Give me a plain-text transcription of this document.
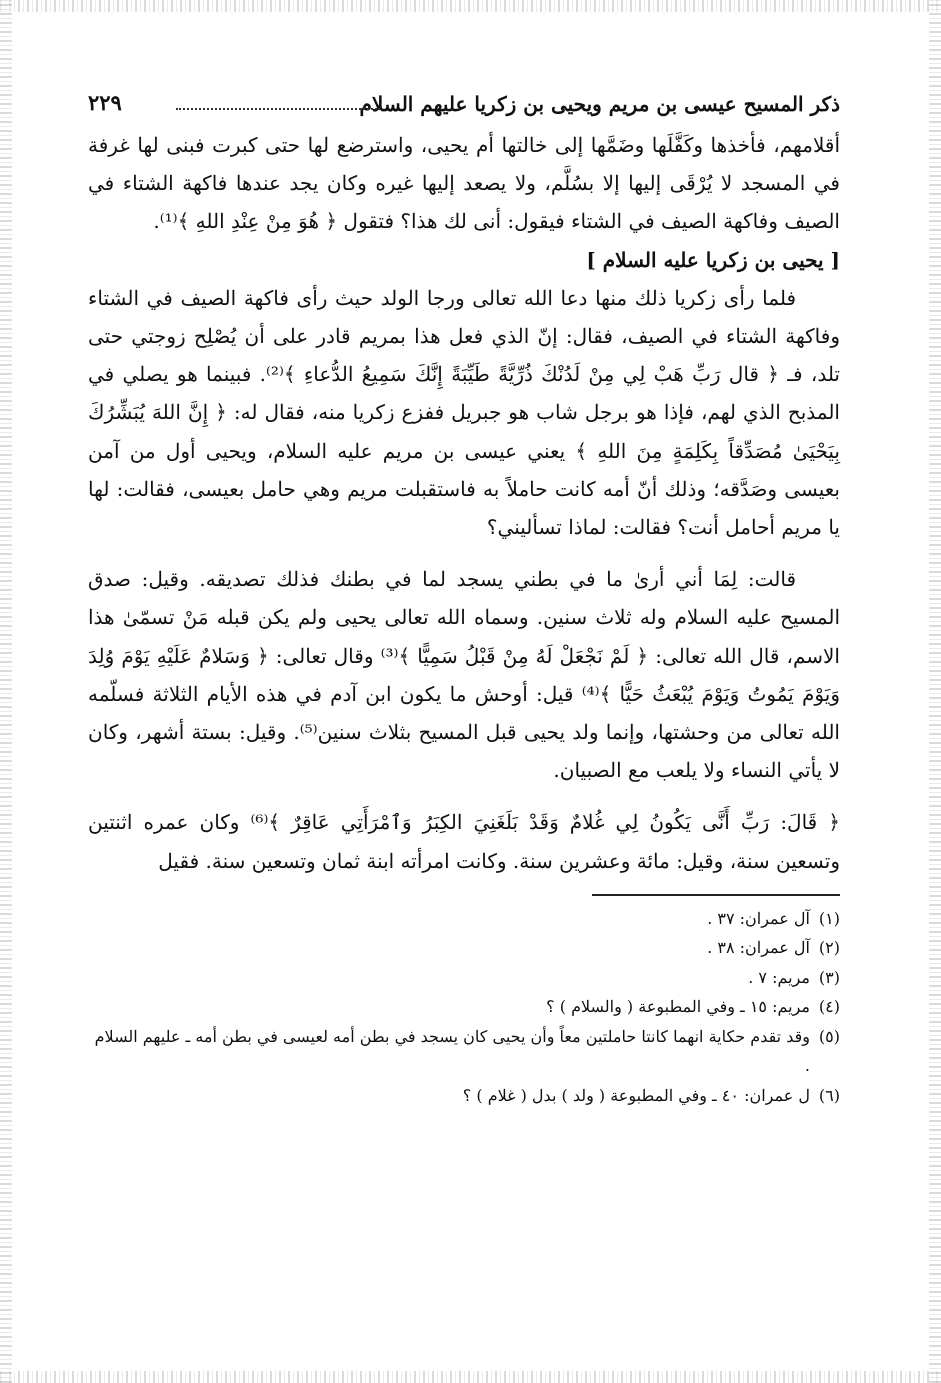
ذكر المسيح عيسى بن مريم ويحيى بن زكريا عليهم السلام
٢٢٩

أقلامهم، فأخذها وكَفَّلَها وضَمَّها إلى خالتها أم يحيى، واسترضع لها حتى كبرت فبنى لها غرفة في المسجد لا يُرْقَى إليها إلا بسُلَّم، ولا يصعد إليها غيره وكان يجد عندها فاكهة الشتاء في الصيف وفاكهة الصيف في الشتاء فيقول: أنى لك هذا؟ فتقول ﴿ هُوَ مِنْ عِنْدِ اللهِ ﴾⁽¹⁾.

[ يحيى بن زكريا عليه السلام ]

فلما رأى زكريا ذلك منها دعا الله تعالى ورجا الولد حيث رأى فاكهة الصيف في الشتاء وفاكهة الشتاء في الصيف، فقال: إنّ الذي فعل هذا بمريم قادر على أن يُصْلِح زوجتي حتى تلد، فـ ﴿ قال رَبِّ هَبْ لِي مِنْ لَدُنْكَ ذُرِّيَّةً طَيِّبَةً إِنَّكَ سَمِيعُ الدُّعاءِ ﴾⁽²⁾. فبينما هو يصلي في المذبح الذي لهم، فإذا هو برجل شاب هو جبريل ففزع زكريا منه، فقال له: ﴿ إِنَّ اللهَ يُبَشِّرُكَ بِيَحْيَىٰ مُصَدِّقاً بِكَلِمَةٍ مِنَ اللهِ ﴾ يعني عيسى بن مريم عليه السلام، ويحيى أول من آمن بعيسى وصَدَّقه؛ وذلك أنّ أمه كانت حاملاً به فاستقبلت مريم وهي حامل بعيسى، فقالت: لها يا مريم أحامل أنت؟ فقالت: لماذا تسأليني؟

قالت: لِمَا أني أرىٰ ما في بطني يسجد لما في بطنك فذلك تصديقه. وقيل: صدق المسيح عليه السلام وله ثلاث سنين. وسماه الله تعالى يحيى ولم يكن قبله مَنْ تسمّىٰ هذا الاسم، قال الله تعالى: ﴿ لَمْ نَجْعَلْ لَهُ مِنْ قَبْلُ سَمِيًّا ﴾⁽³⁾ وقال تعالى: ﴿ وَسَلامٌ عَلَيْهِ يَوْمَ وُلِدَ وَيَوْمَ يَمُوتُ وَيَوْمَ يُبْعَثُ حَيًّا ﴾⁽⁴⁾ قيل: أوحش ما يكون ابن آدم في هذه الأيام الثلاثة فسلّمه الله تعالى من وحشتها، وإنما ولد يحيى قبل المسيح بثلاث سنين⁽⁵⁾. وقيل: بستة أشهر، وكان لا يأتي النساء ولا يلعب مع الصبيان.

﴿ قَالَ: رَبِّ أَنَّى يَكُونُ لِي غُلامٌ وَقَدْ بَلَغَنِيَ الكِبَرُ وَٱمْرَأَتِي عَاقِرٌ ﴾⁽⁶⁾ وكان عمره اثنتين وتسعين سنة، وقيل: مائة وعشرين سنة. وكانت امرأته ابنة ثمان وتسعين سنة. فقيل

(١)
آل عمران: ٣٧ .
(٢)
آل عمران: ٣٨ .
(٣)
مريم: ٧ .
(٤)
مريم: ١٥ ـ وفي المطبوعة ( والسلام ) ؟
(٥)
وقد تقدم حكاية انهما كانتا حاملتين معاً وأن يحيى كان يسجد في بطن أمه لعيسى في بطن أمه ـ عليهم السلام .
(٦)
ل عمران: ٤٠ ـ وفي المطبوعة ( ولد ) بدل ( غلام ) ؟
